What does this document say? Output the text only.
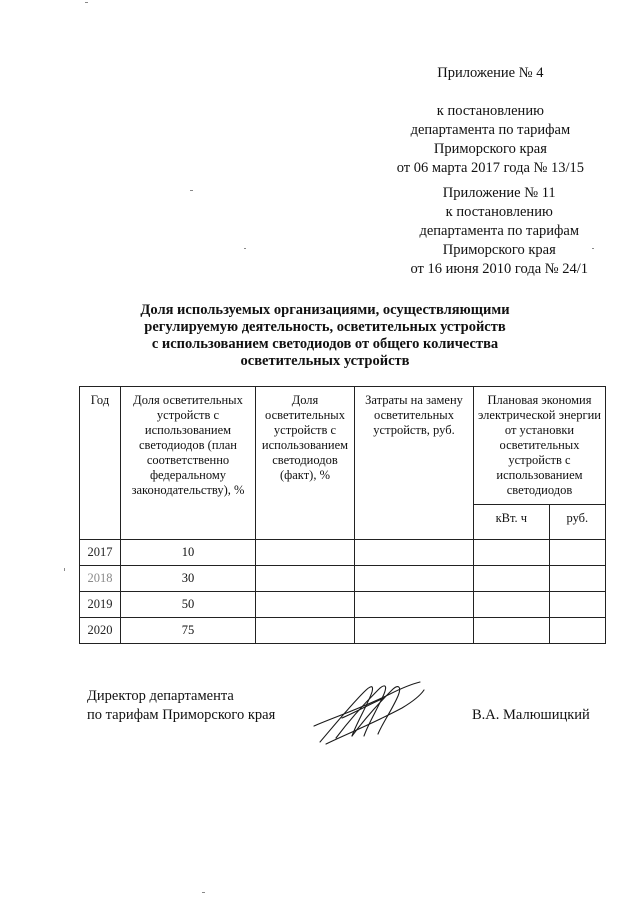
Приложение № 4
к постановлению
департамента по тарифам
Приморского края
от 06 марта 2017 года № 13/15
Приложение № 11
к постановлению
департамента по тарифам
Приморского края
от 16 июня 2010 года № 24/1
Доля используемых организациями, осуществляющими
регулируемую деятельность, осветительных устройств
с использованием светодиодов от общего количества
осветительных устройств
Год	Доля осветительных устройств с использованием светодиодов (план соответственно федеральному законодательству), %	Доля осветительных устройств с использованием светодиодов (факт), %	Затраты на замену осветительных устройств, руб.	Плановая экономия электрической энергии от установки осветительных устройств с использованием светодиодов	
				кВт. ч	руб.
2017	10				
2018	30				
2019	50				
2020	75				
Директор департамента
по тарифам Приморского края	В.А. Малюшицкий
